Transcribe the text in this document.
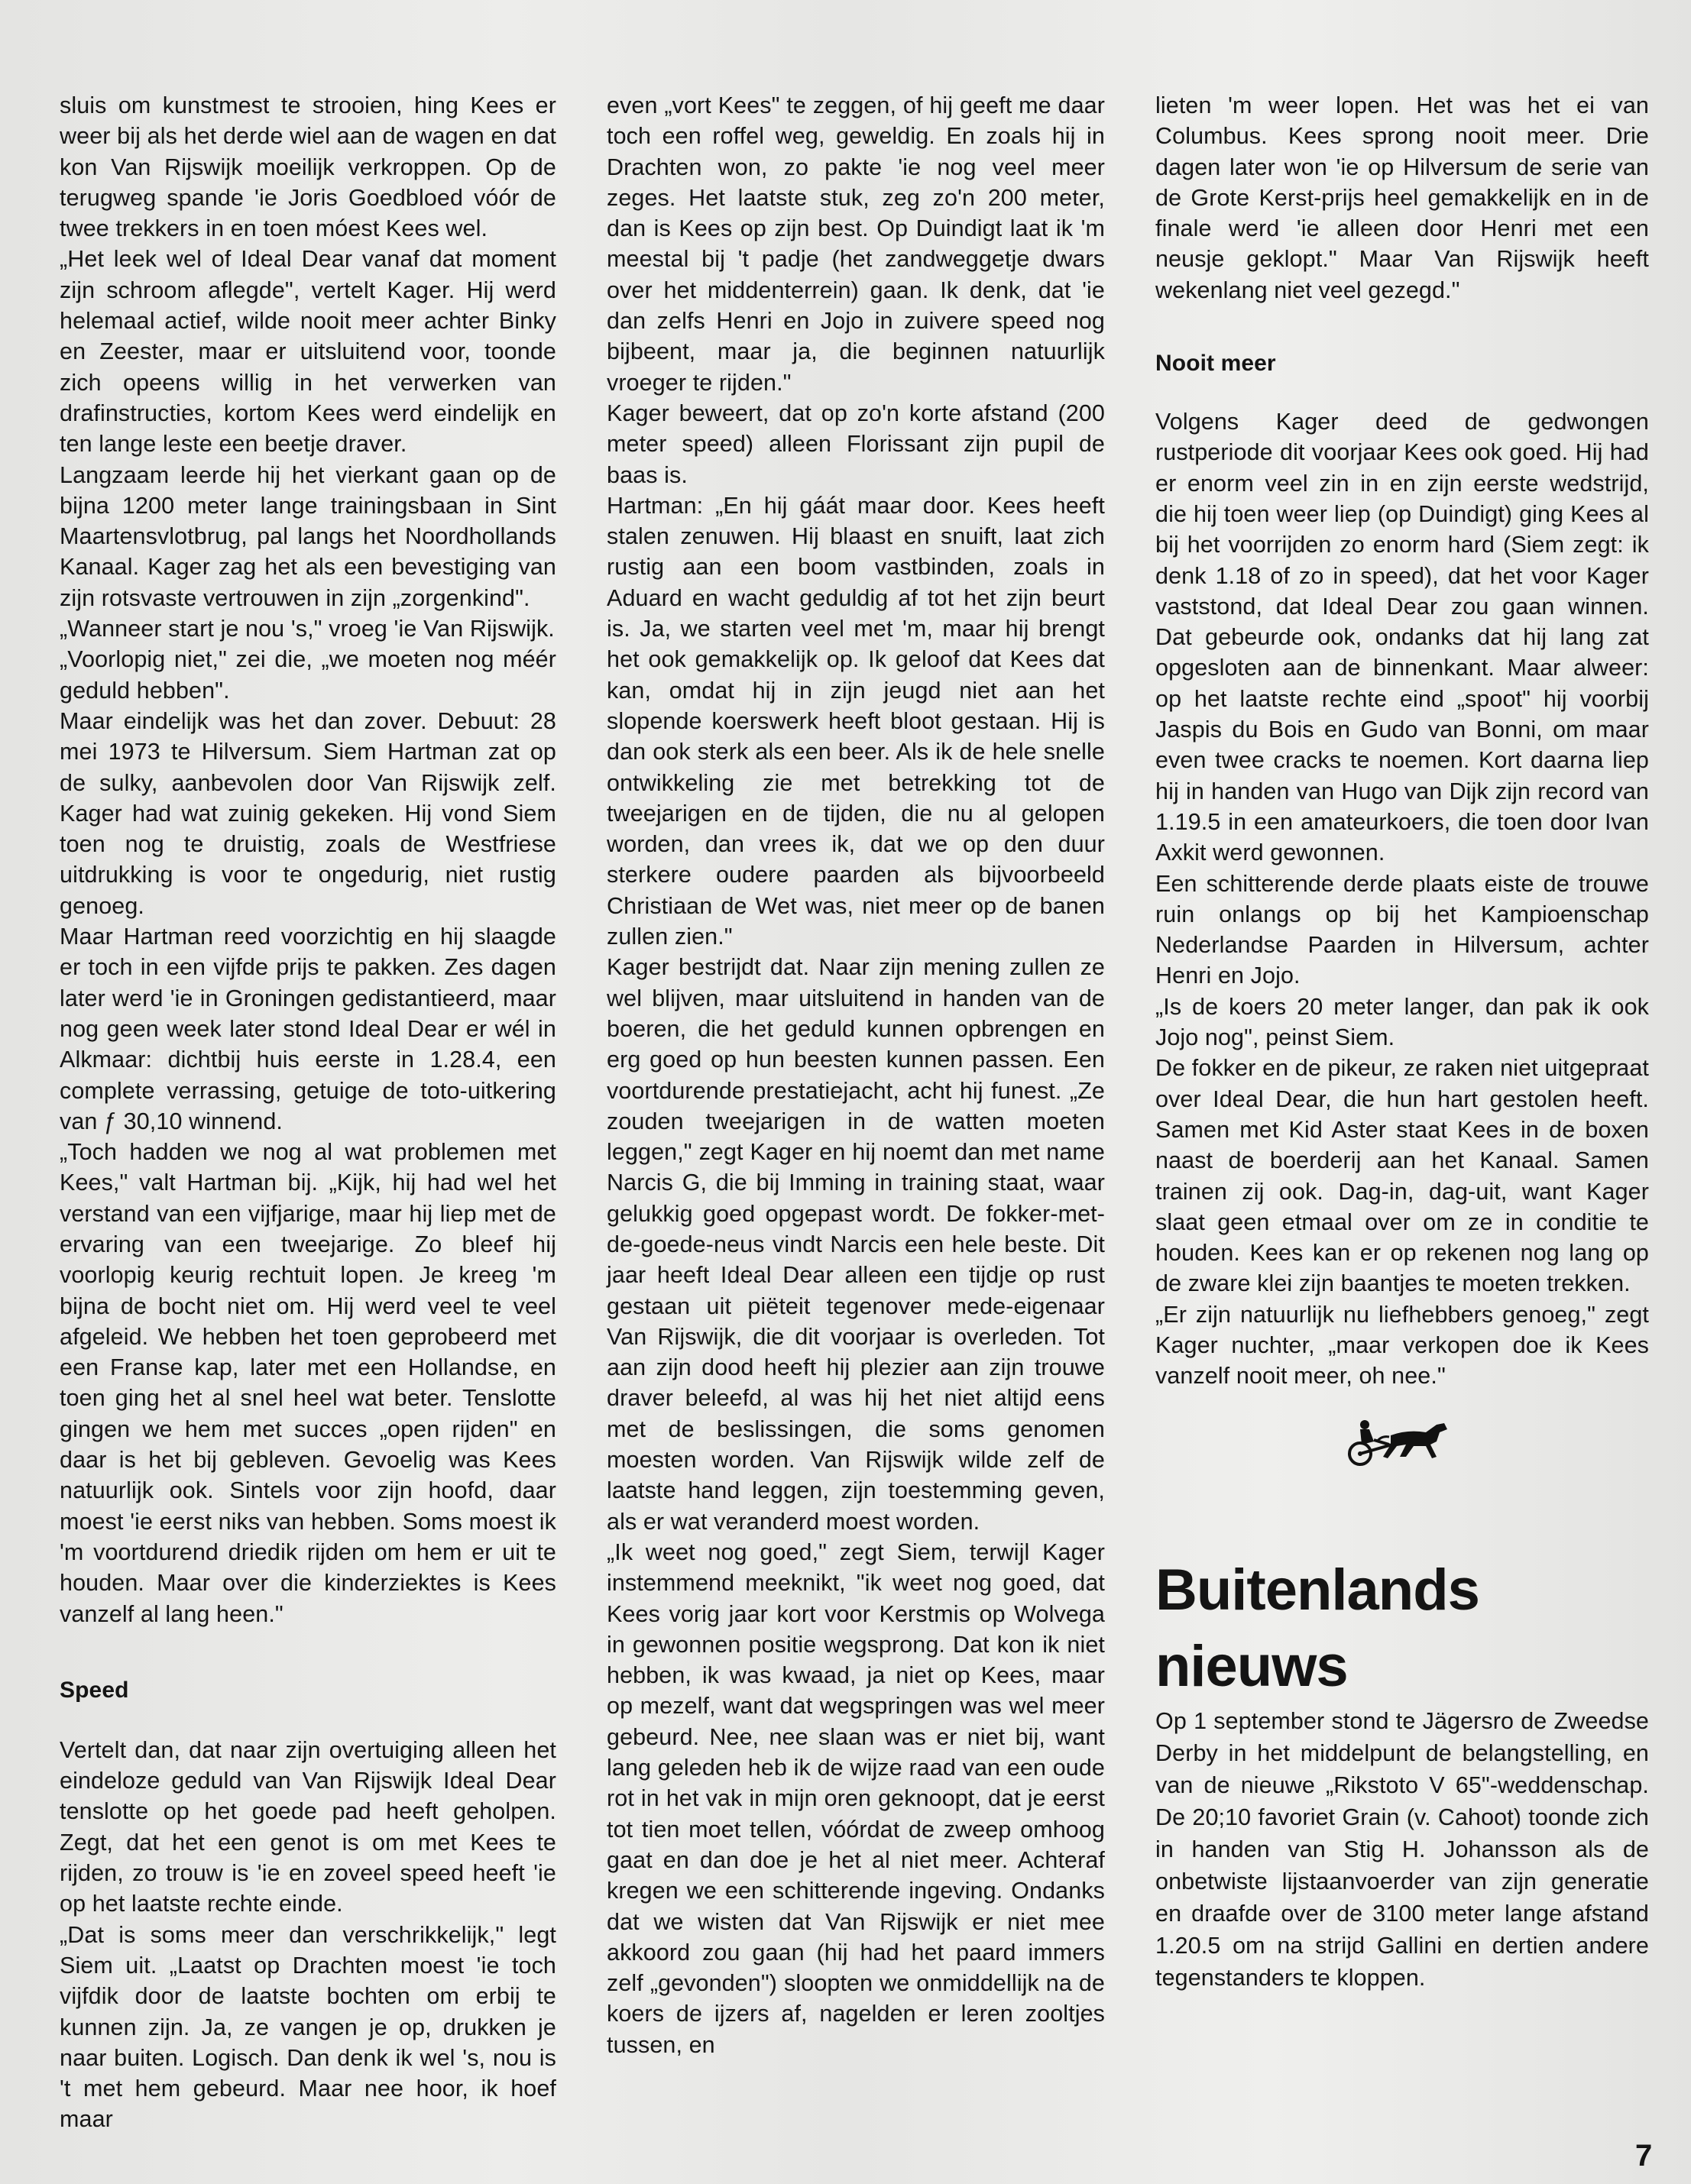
sluis om kunstmest te strooien, hing Kees er weer bij als het derde wiel aan de wagen en dat kon Van Rijswijk moeilijk verkroppen. Op de terugweg spande 'ie Joris Goedbloed vóór de twee trekkers in en toen móest Kees wel.

„Het leek wel of Ideal Dear vanaf dat moment zijn schroom aflegde", vertelt Kager. Hij werd helemaal actief, wilde nooit meer achter Binky en Zeester, maar er uitsluitend voor, toonde zich opeens willig in het verwerken van drafinstructies, kortom Kees werd eindelijk en ten lange leste een beetje draver.

Langzaam leerde hij het vierkant gaan op de bijna 1200 meter lange trainingsbaan in Sint Maartensvlotbrug, pal langs het Noordhollands Kanaal. Kager zag het als een bevestiging van zijn rotsvaste vertrouwen in zijn „zorgenkind".

„Wanneer start je nou 's," vroeg 'ie Van Rijswijk.

„Voorlopig niet," zei die, „we moeten nog méér geduld hebben".

Maar eindelijk was het dan zover. Debuut: 28 mei 1973 te Hilversum. Siem Hartman zat op de sulky, aanbevolen door Van Rijswijk zelf. Kager had wat zuinig gekeken. Hij vond Siem toen nog te druistig, zoals de Westfriese uitdrukking is voor te ongedurig, niet rustig genoeg.

Maar Hartman reed voorzichtig en hij slaagde er toch in een vijfde prijs te pakken. Zes dagen later werd 'ie in Groningen gedistantieerd, maar nog geen week later stond Ideal Dear er wél in Alkmaar: dichtbij huis eerste in 1.28.4, een complete verrassing, getuige de toto-uitkering van ƒ 30,10 winnend.

„Toch hadden we nog al wat problemen met Kees," valt Hartman bij. „Kijk, hij had wel het verstand van een vijfjarige, maar hij liep met de ervaring van een tweejarige. Zo bleef hij voorlopig keurig rechtuit lopen. Je kreeg 'm bijna de bocht niet om. Hij werd veel te veel afgeleid. We hebben het toen geprobeerd met een Franse kap, later met een Hollandse, en toen ging het al snel heel wat beter. Tenslotte gingen we hem met succes „open rijden" en daar is het bij gebleven. Gevoelig was Kees natuurlijk ook. Sintels voor zijn hoofd, daar moest 'ie eerst niks van hebben. Soms moest ik 'm voortdurend driedik rijden om hem er uit te houden. Maar over die kinderziektes is Kees vanzelf al lang heen."

Speed

Vertelt dan, dat naar zijn overtuiging alleen het eindeloze geduld van Van Rijswijk Ideal Dear tenslotte op het goede pad heeft geholpen. Zegt, dat het een genot is om met Kees te rijden, zo trouw is 'ie en zoveel speed heeft 'ie op het laatste rechte einde.

„Dat is soms meer dan verschrikkelijk," legt Siem uit. „Laatst op Drachten moest 'ie toch vijfdik door de laatste bochten om erbij te kunnen zijn. Ja, ze vangen je op, drukken je naar buiten. Logisch. Dan denk ik wel 's, nou is 't met hem gebeurd. Maar nee hoor, ik hoef maar

even „vort Kees" te zeggen, of hij geeft me daar toch een roffel weg, geweldig. En zoals hij in Drachten won, zo pakte 'ie nog veel meer zeges. Het laatste stuk, zeg zo'n 200 meter, dan is Kees op zijn best. Op Duindigt laat ik 'm meestal bij 't padje (het zandweggetje dwars over het middenterrein) gaan. Ik denk, dat 'ie dan zelfs Henri en Jojo in zuivere speed nog bijbeent, maar ja, die beginnen natuurlijk vroeger te rijden."

Kager beweert, dat op zo'n korte afstand (200 meter speed) alleen Florissant zijn pupil de baas is.

Hartman: „En hij gáát maar door. Kees heeft stalen zenuwen. Hij blaast en snuift, laat zich rustig aan een boom vastbinden, zoals in Aduard en wacht geduldig af tot het zijn beurt is. Ja, we starten veel met 'm, maar hij brengt het ook gemakkelijk op. Ik geloof dat Kees dat kan, omdat hij in zijn jeugd niet aan het slopende koerswerk heeft bloot gestaan. Hij is dan ook sterk als een beer. Als ik de hele snelle ontwikkeling zie met betrekking tot de tweejarigen en de tijden, die nu al gelopen worden, dan vrees ik, dat we op den duur sterkere oudere paarden als bijvoorbeeld Christiaan de Wet was, niet meer op de banen zullen zien."

Kager bestrijdt dat. Naar zijn mening zullen ze wel blijven, maar uitsluitend in handen van de boeren, die het geduld kunnen opbrengen en erg goed op hun beesten kunnen passen. Een voortdurende prestatiejacht, acht hij funest. „Ze zouden tweejarigen in de watten moeten leggen," zegt Kager en hij noemt dan met name Narcis G, die bij Imming in training staat, waar gelukkig goed opgepast wordt. De fokker-met-de-goede-neus vindt Narcis een hele beste. Dit jaar heeft Ideal Dear alleen een tijdje op rust gestaan uit piëteit tegenover mede-eigenaar Van Rijswijk, die dit voorjaar is overleden. Tot aan zijn dood heeft hij plezier aan zijn trouwe draver beleefd, al was hij het niet altijd eens met de beslissingen, die soms genomen moesten worden. Van Rijswijk wilde zelf de laatste hand leggen, zijn toestemming geven, als er wat veranderd moest worden.

„Ik weet nog goed," zegt Siem, terwijl Kager instemmend meeknikt, "ik weet nog goed, dat Kees vorig jaar kort voor Kerstmis op Wolvega in gewonnen positie wegsprong. Dat kon ik niet hebben, ik was kwaad, ja niet op Kees, maar op mezelf, want dat wegspringen was wel meer gebeurd. Nee, nee slaan was er niet bij, want lang geleden heb ik de wijze raad van een oude rot in het vak in mijn oren geknoopt, dat je eerst tot tien moet tellen, vóórdat de zweep omhoog gaat en dan doe je het al niet meer. Achteraf kregen we een schitterende ingeving. Ondanks dat we wisten dat Van Rijswijk er niet mee akkoord zou gaan (hij had het paard immers zelf „gevonden") sloopten we onmiddellijk na de koers de ijzers af, nagelden er leren zooltjes tussen, en

lieten 'm weer lopen. Het was het ei van Columbus. Kees sprong nooit meer. Drie dagen later won 'ie op Hilversum de serie van de Grote Kerst-prijs heel gemakkelijk en in de finale werd 'ie alleen door Henri met een neusje geklopt." Maar Van Rijswijk heeft wekenlang niet veel gezegd."

Nooit meer

Volgens Kager deed de gedwongen rustperiode dit voorjaar Kees ook goed. Hij had er enorm veel zin in en zijn eerste wedstrijd, die hij toen weer liep (op Duindigt) ging Kees al bij het voorrijden zo enorm hard (Siem zegt: ik denk 1.18 of zo in speed), dat het voor Kager vaststond, dat Ideal Dear zou gaan winnen. Dat gebeurde ook, ondanks dat hij lang zat opgesloten aan de binnenkant. Maar alweer: op het laatste rechte eind „spoot" hij voorbij Jaspis du Bois en Gudo van Bonni, om maar even twee cracks te noemen. Kort daarna liep hij in handen van Hugo van Dijk zijn record van 1.19.5 in een amateurkoers, die toen door Ivan Axkit werd gewonnen.

Een schitterende derde plaats eiste de trouwe ruin onlangs op bij het Kampioenschap Nederlandse Paarden in Hilversum, achter Henri en Jojo.

„Is de koers 20 meter langer, dan pak ik ook Jojo nog", peinst Siem.

De fokker en de pikeur, ze raken niet uitgepraat over Ideal Dear, die hun hart gestolen heeft. Samen met Kid Aster staat Kees in de boxen naast de boerderij aan het Kanaal. Samen trainen zij ook. Dag-in, dag-uit, want Kager slaat geen etmaal over om ze in conditie te houden. Kees kan er op rekenen nog lang op de zware klei zijn baantjes te moeten trekken.

„Er zijn natuurlijk nu liefhebbers genoeg," zegt Kager nuchter, „maar verkopen doe ik Kees vanzelf nooit meer, oh nee."

Buitenlands
nieuws

Op 1 september stond te Jägersro de Zweedse Derby in het middelpunt de belangstelling, en van de nieuwe „Rikstoto V 65"-weddenschap. De 20;10 favoriet Grain (v. Cahoot) toonde zich in handen van Stig H. Johansson als de onbetwiste lijstaanvoerder van zijn generatie en draafde over de 3100 meter lange afstand 1.20.5 om na strijd Gallini en dertien andere tegenstanders te kloppen.

7
